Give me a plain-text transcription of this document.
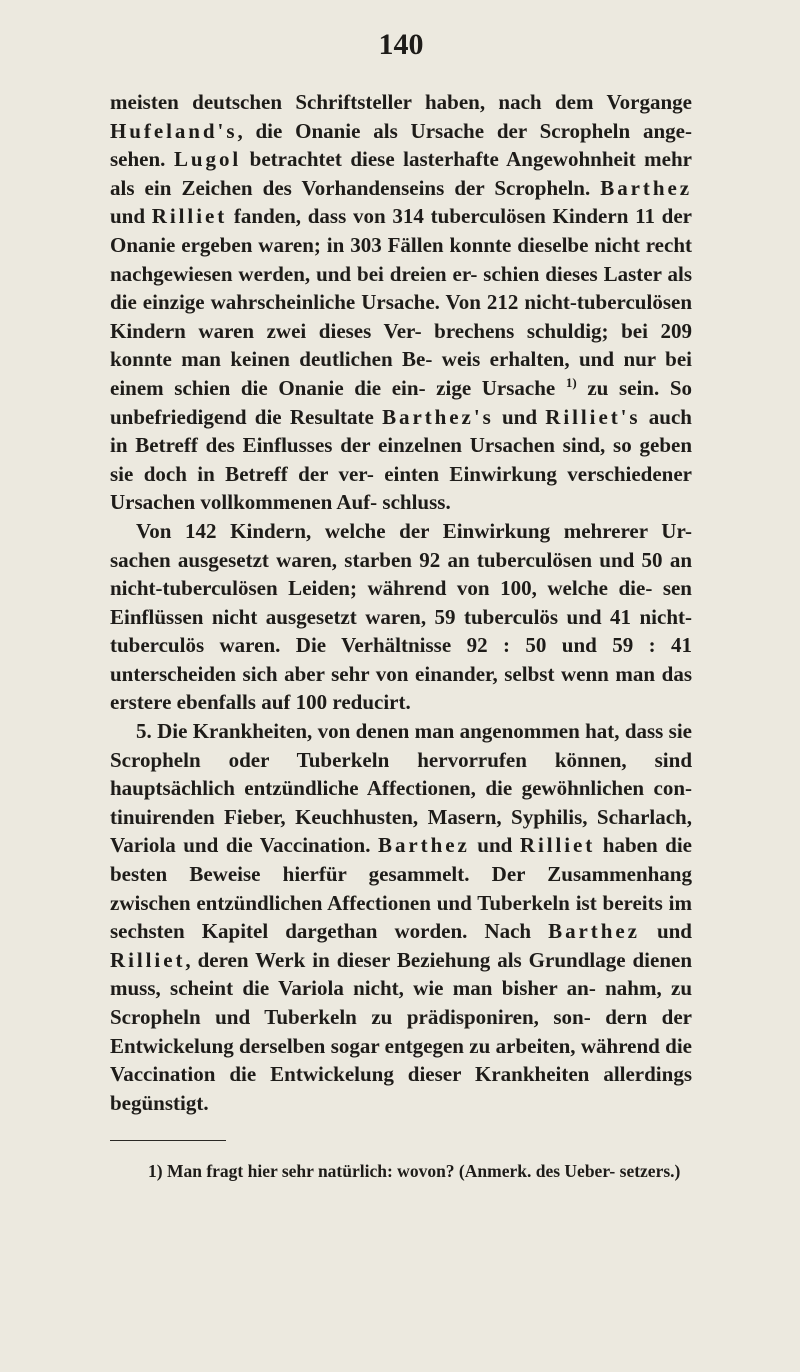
140

meisten deutschen Schriftsteller haben, nach dem Vorgange Hufeland's, die Onanie als Ursache der Scropheln ange- sehen. Lugol betrachtet diese lasterhafte Angewohnheit mehr als ein Zeichen des Vorhandenseins der Scropheln. Barthez und Rilliet fanden, dass von 314 tuberculösen Kindern 11 der Onanie ergeben waren; in 303 Fällen konnte dieselbe nicht recht nachgewiesen werden, und bei dreien er- schien dieses Laster als die einzige wahrscheinliche Ursache. Von 212 nicht-tuberculösen Kindern waren zwei dieses Ver- brechens schuldig; bei 209 konnte man keinen deutlichen Be- weis erhalten, und nur bei einem schien die Onanie die ein- zige Ursache $^{1)}$ zu sein. So unbefriedigend die Resultate Barthez's und Rilliet's auch in Betreff des Einflusses der einzelnen Ursachen sind, so geben sie doch in Betreff der ver- einten Einwirkung verschiedener Ursachen vollkommenen Auf- schluss.

Von 142 Kindern, welche der Einwirkung mehrerer Ur- sachen ausgesetzt waren, starben 92 an tuberculösen und 50 an nicht-tuberculösen Leiden; während von 100, welche die- sen Einflüssen nicht ausgesetzt waren, 59 tuberculös und 41 nicht-tuberculös waren. Die Verhältnisse 92 : 50 und 59 : 41 unterscheiden sich aber sehr von einander, selbst wenn man das erstere ebenfalls auf 100 reducirt.

5. Die Krankheiten, von denen man angenommen hat, dass sie Scropheln oder Tuberkeln hervorrufen können, sind hauptsächlich entzündliche Affectionen, die gewöhnlichen con- tinuirenden Fieber, Keuchhusten, Masern, Syphilis, Scharlach, Variola und die Vaccination. Barthez und Rilliet haben die besten Beweise hierfür gesammelt. Der Zusammenhang zwischen entzündlichen Affectionen und Tuberkeln ist bereits im sechsten Kapitel dargethan worden. Nach Barthez und Rilliet, deren Werk in dieser Beziehung als Grundlage dienen muss, scheint die Variola nicht, wie man bisher an- nahm, zu Scropheln und Tuberkeln zu prädisponiren, son- dern der Entwickelung derselben sogar entgegen zu arbeiten, während die Vaccination die Entwickelung dieser Krankheiten allerdings begünstigt.

1) Man fragt hier sehr natürlich: wovon? (Anmerk. des Ueber- setzers.)
